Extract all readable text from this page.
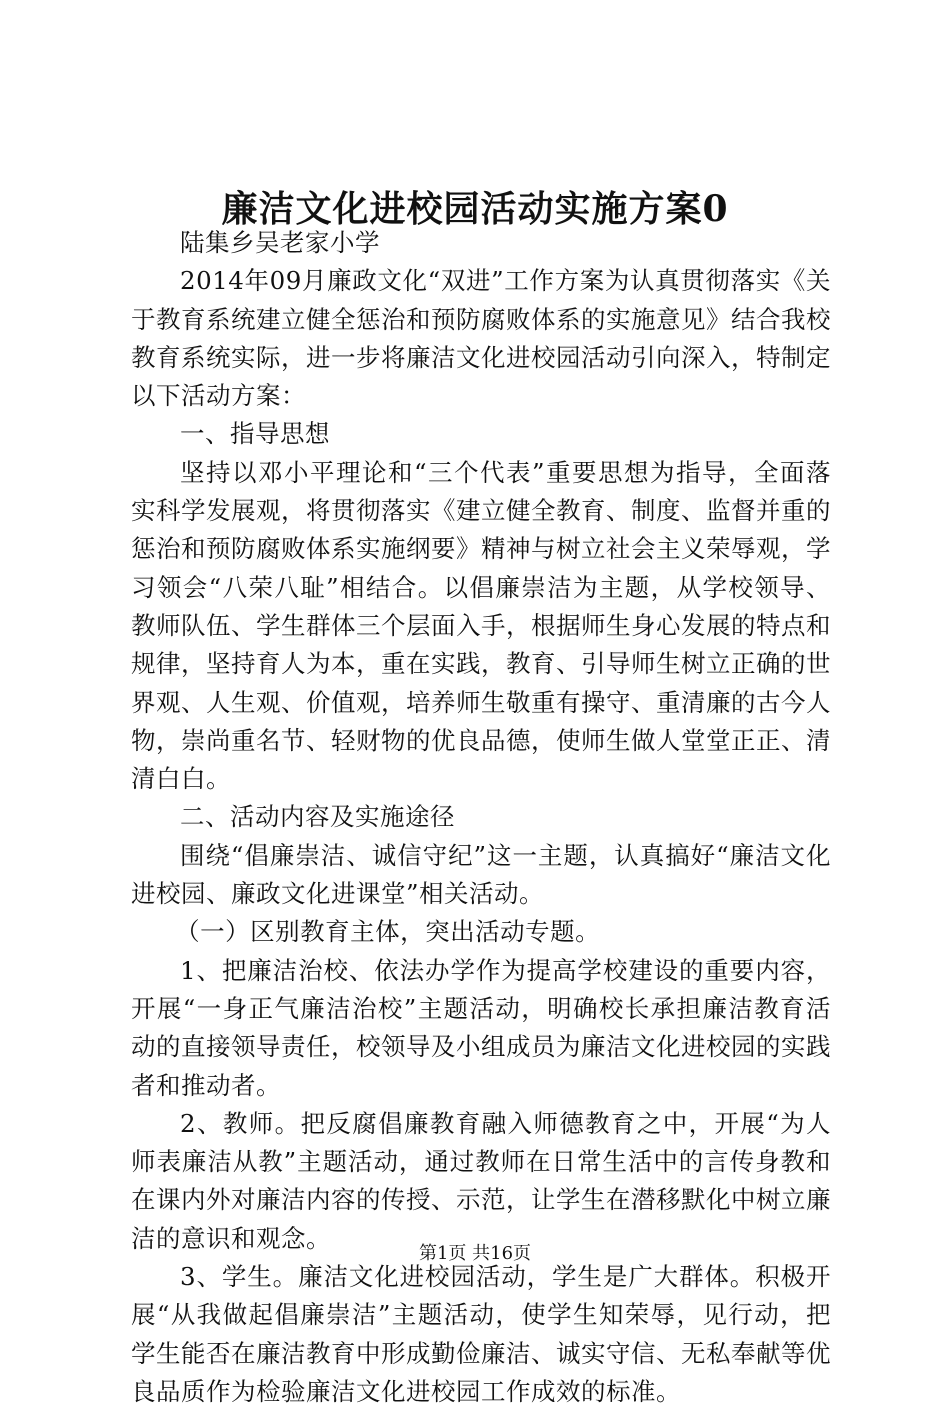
廉洁文化进校园活动实施方案0

陆集乡吴老家小学

2014年09月廉政文化“双进”工作方案为认真贯彻落实《关于教育系统建立健全惩治和预防腐败体系的实施意见》结合我校教育系统实际，进一步将廉洁文化进校园活动引向深入，特制定以下活动方案：

一、指导思想

坚持以邓小平理论和“三个代表”重要思想为指导，全面落实科学发展观，将贯彻落实《建立健全教育、制度、监督并重的惩治和预防腐败体系实施纲要》精神与树立社会主义荣辱观，学习领会“八荣八耻”相结合。以倡廉崇洁为主题，从学校领导、教师队伍、学生群体三个层面入手，根据师生身心发展的特点和规律，坚持育人为本，重在实践，教育、引导师生树立正确的世界观、人生观、价值观，培养师生敬重有操守、重清廉的古今人物，崇尚重名节、轻财物的优良品德，使师生做人堂堂正正、清清白白。

二、活动内容及实施途径

围绕“倡廉崇洁、诚信守纪”这一主题，认真搞好“廉洁文化进校园、廉政文化进课堂”相关活动。

（一）区别教育主体，突出活动专题。

1、把廉洁治校、依法办学作为提高学校建设的重要内容，开展“一身正气廉洁治校”主题活动，明确校长承担廉洁教育活动的直接领导责任，校领导及小组成员为廉洁文化进校园的实践者和推动者。

2、教师。把反腐倡廉教育融入师德教育之中，开展“为人师表廉洁从教”主题活动，通过教师在日常生活中的言传身教和在课内外对廉洁内容的传授、示范，让学生在潜移默化中树立廉洁的意识和观念。

3、学生。廉洁文化进校园活动，学生是广大群体。积极开展“从我做起倡廉崇洁”主题活动，使学生知荣辱，见行动，把学生能否在廉洁教育中形成勤俭廉洁、诚实守信、无私奉献等优良品质作为检验廉洁文化进校园工作成效的标准。

第1页 共16页
